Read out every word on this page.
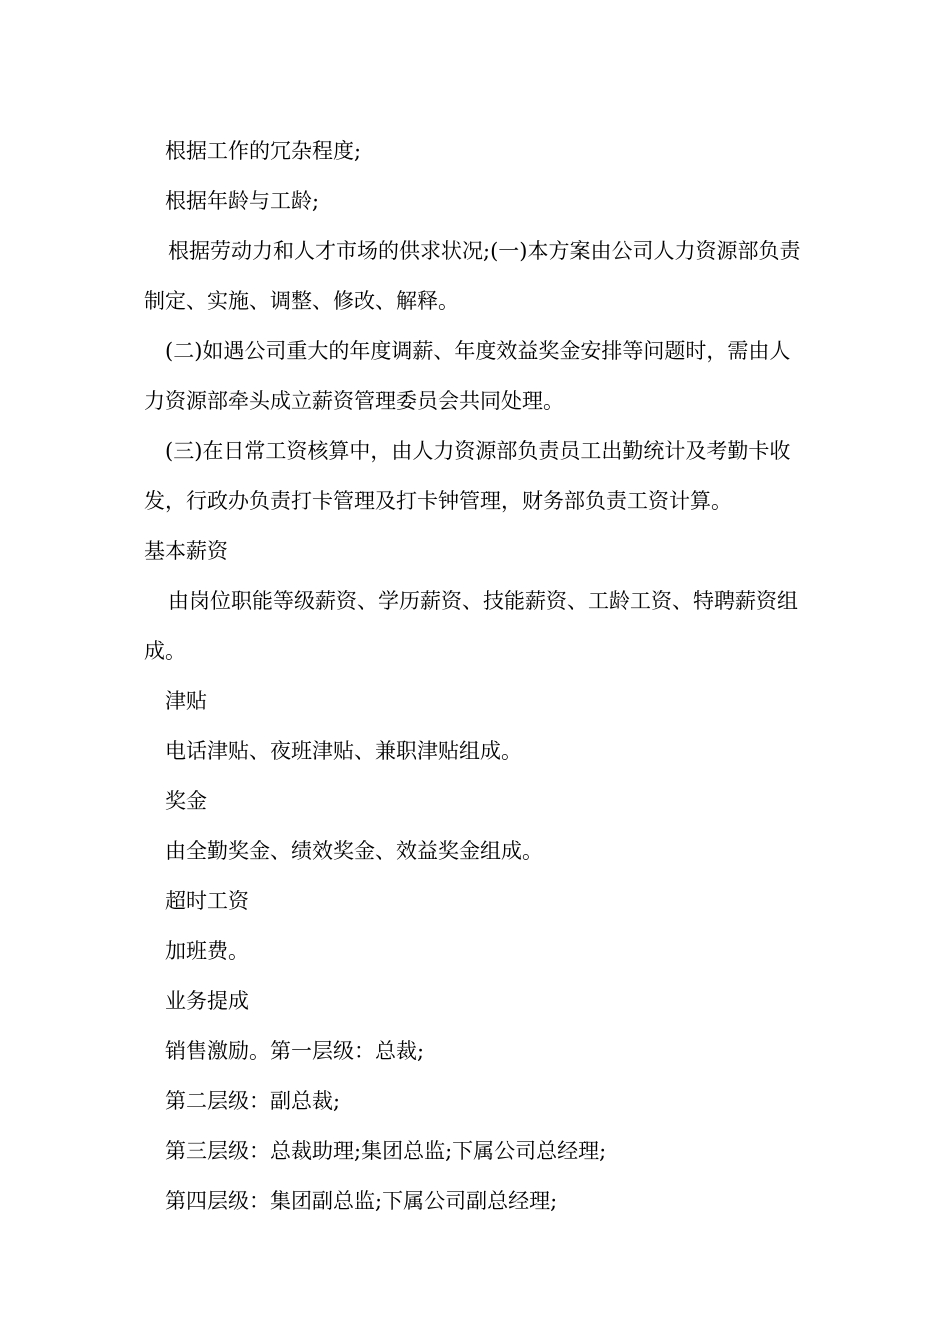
根据工作的冗杂程度;

根据年龄与工龄;

根据劳动力和人才市场的供求状况;(一)本方案由公司人力资源部负责制定、实施、调整、修改、解释。

(二)如遇公司重大的年度调薪、年度效益奖金安排等问题时，需由人力资源部牵头成立薪资管理委员会共同处理。

(三)在日常工资核算中，由人力资源部负责员工出勤统计及考勤卡收发，行政办负责打卡管理及打卡钟管理，财务部负责工资计算。

基本薪资

由岗位职能等级薪资、学历薪资、技能薪资、工龄工资、特聘薪资组成。

津贴

电话津贴、夜班津贴、兼职津贴组成。

奖金

由全勤奖金、绩效奖金、效益奖金组成。

超时工资

加班费。

业务提成

销售激励。第一层级：总裁;

第二层级：副总裁;

第三层级：总裁助理;集团总监;下属公司总经理;

第四层级：集团副总监;下属公司副总经理;
